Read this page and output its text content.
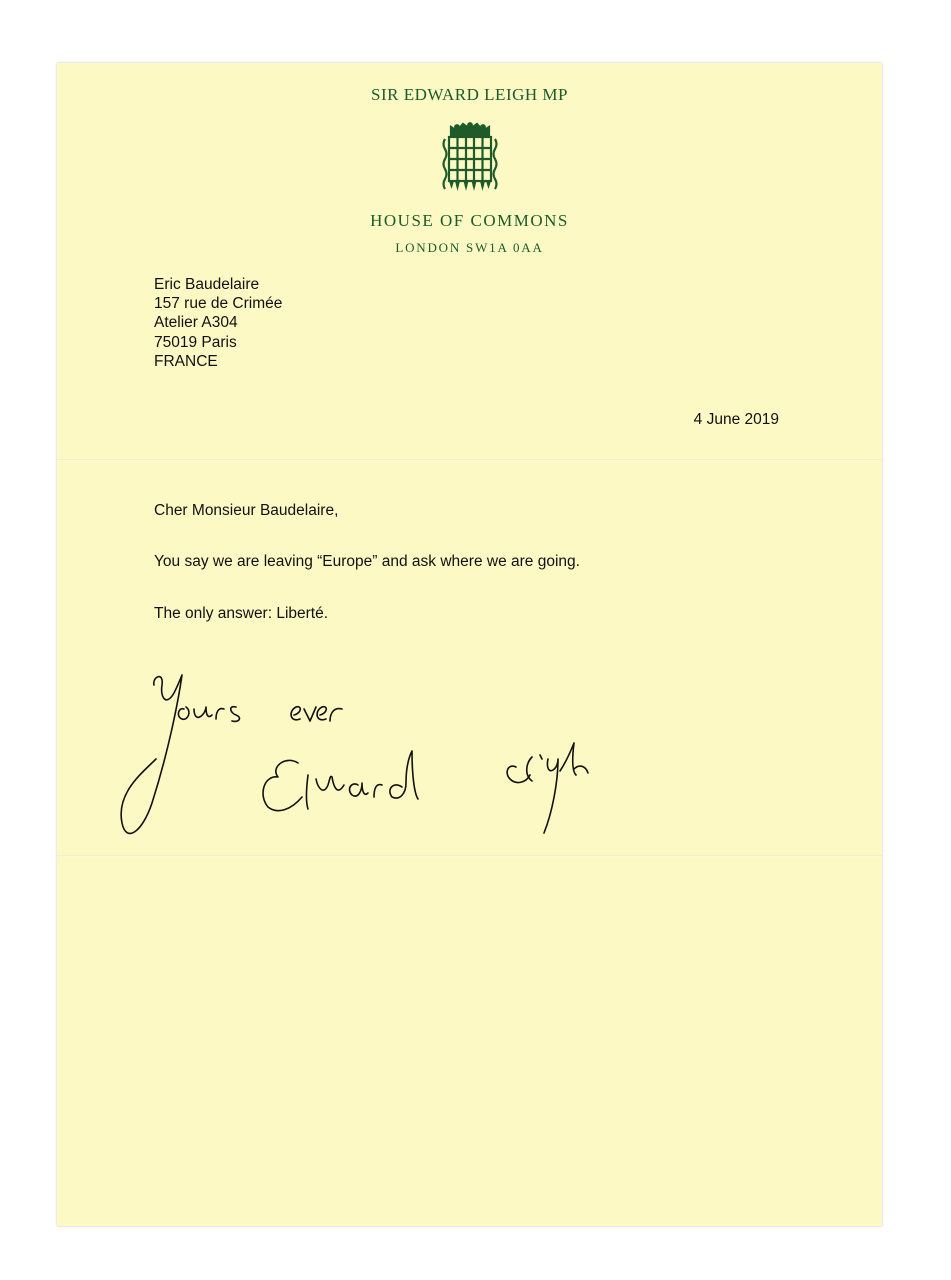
SIR EDWARD LEIGH MP
HOUSE OF COMMONS
LONDON SW1A 0AA
Eric Baudelaire
157 rue de Crimée
Atelier A304
75019 Paris
FRANCE
4 June 2019
Cher Monsieur Baudelaire,
You say we are leaving “Europe” and ask where we are going.
The only answer: Liberté.
